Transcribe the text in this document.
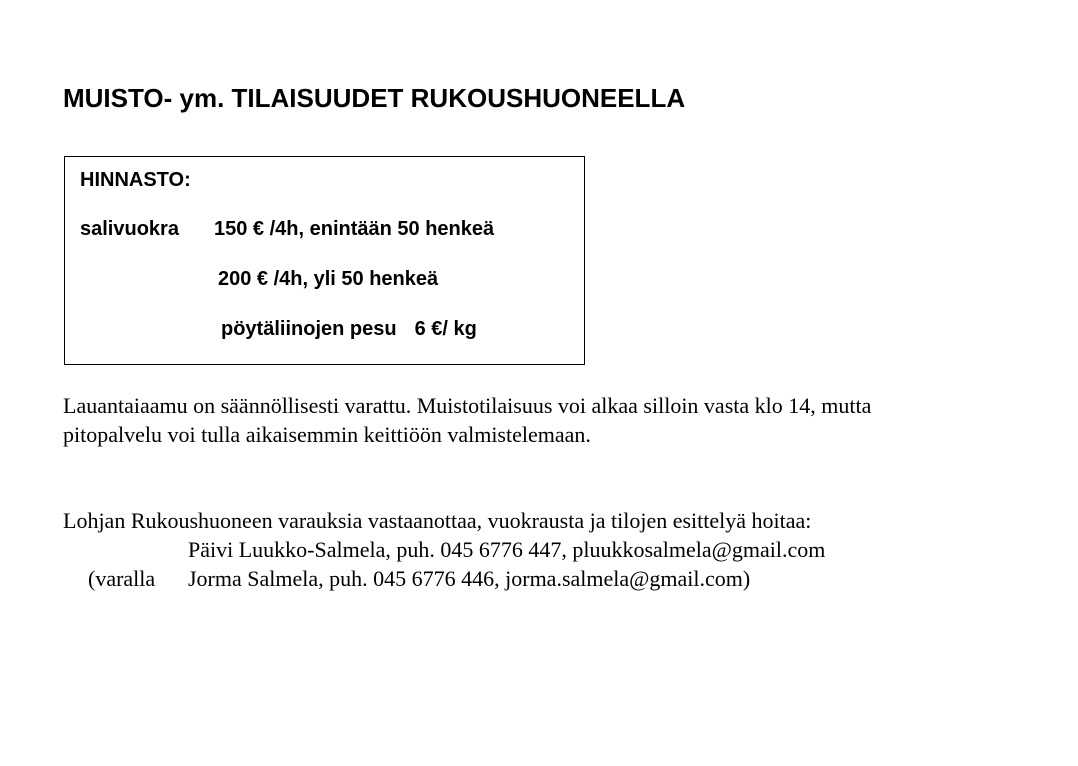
MUISTO- ym. TILAISUUDET RUKOUSHUONEELLA
HINNASTO:
salivuokra 150 € /4h, enintään 50 henkeä
200 € /4h, yli 50 henkeä
pöytäliinojen pesu 6 €/ kg

Lauantaiaamu on säännöllisesti varattu. Muistotilaisuus voi alkaa silloin vasta klo 14, mutta
pitopalvelu voi tulla aikaisemmin keittiöön valmistelemaan.

Lohjan Rukoushuoneen varauksia vastaanottaa, vuokrausta ja tilojen esittelyä hoitaa:

Päivi Luukko-Salmela, puh. 045 6776 447, pluukkosalmela@gmail.com
(varalla Jorma Salmela, puh. 045 6776 446, jorma.salmela@gmail.com)
